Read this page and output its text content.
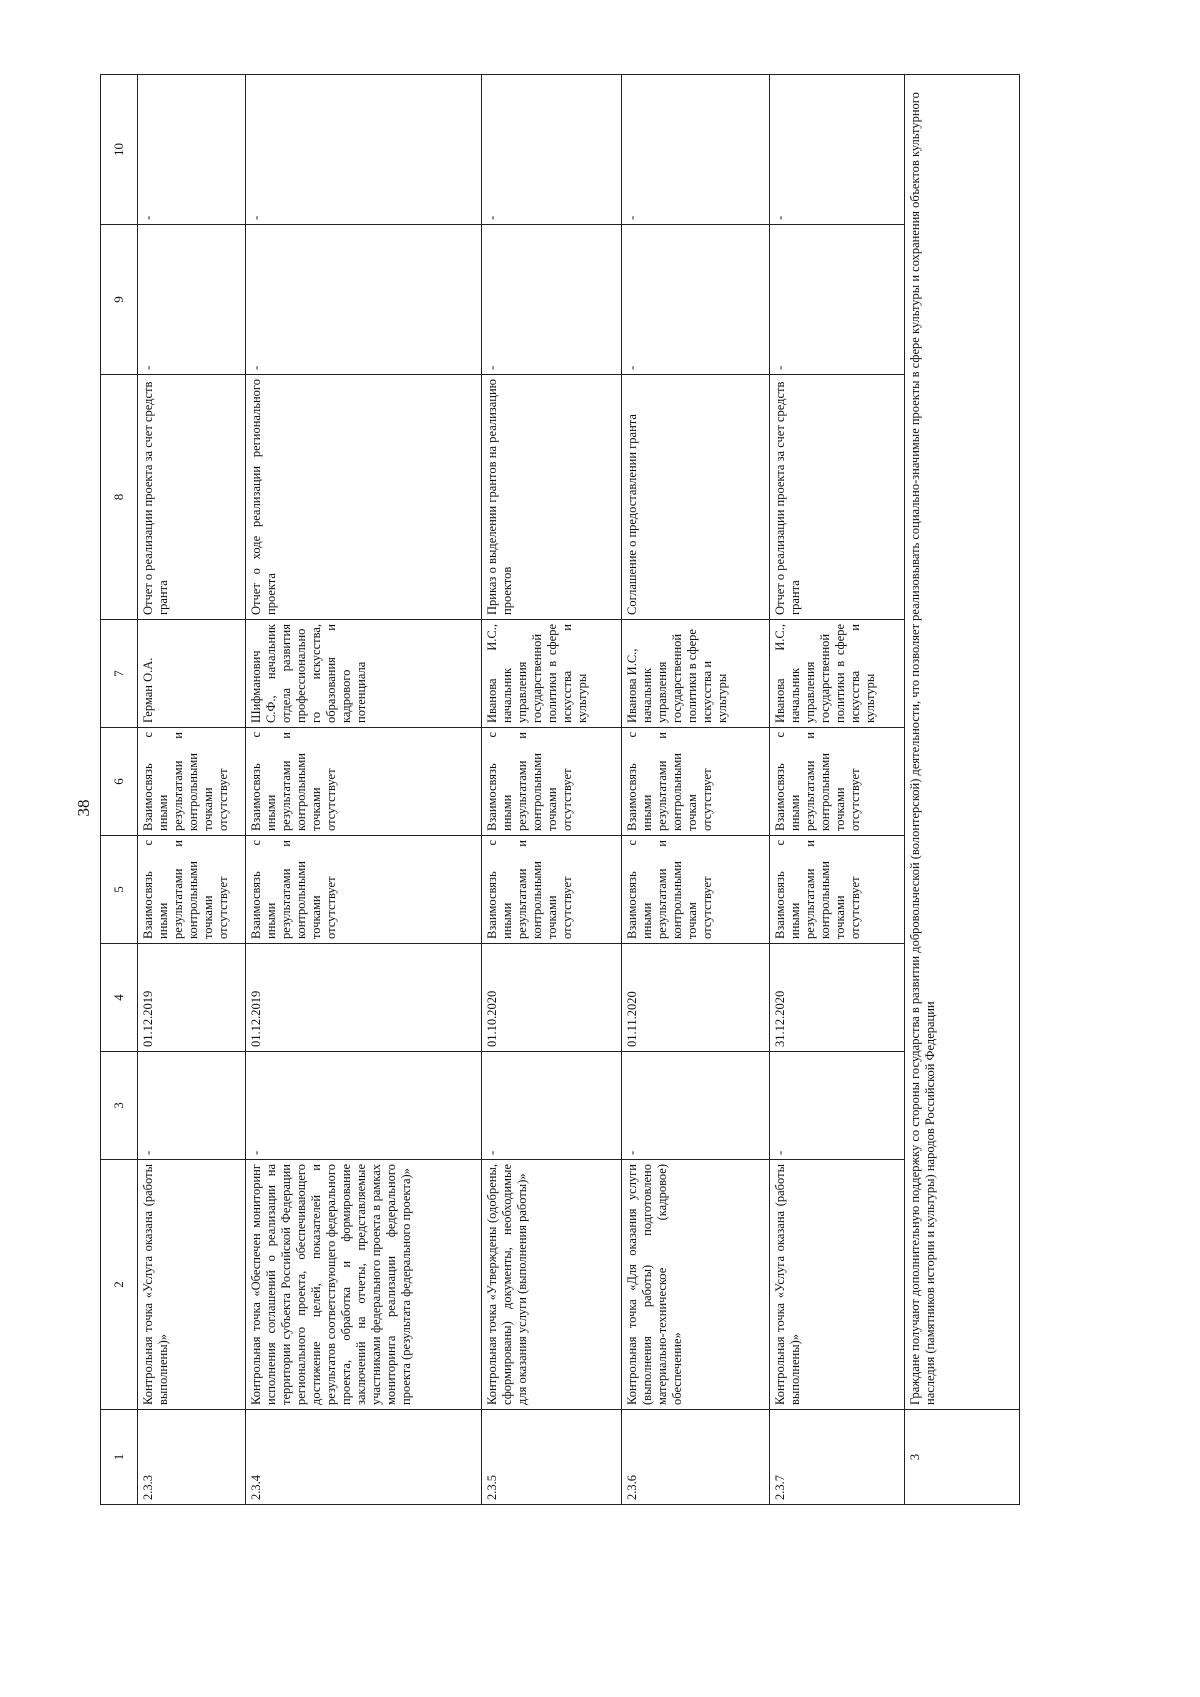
38
1	2	3	4	5	6	7	8	9	10
2.3.3	Контрольная точка «Услуга оказана (работы выполнены)»	-	01.12.2019	Взаимосвязь с иными результатами и контрольными точками отсутствует	Взаимосвязь с иными результатами и контрольными точками отсутствует	Герман О.А.	Отчет о реализации проекта за счет средств гранта	-	-
2.3.4	Контрольная точка «Обеспечен мониторинг исполнения соглашений о реализации на территории субъекта Российской Федерации регионального проекта, обеспечивающего достижение целей, показателей и результатов соответствующего федерального проекта, обработка и формирование заключений на отчеты, представляемые участниками федерального проекта в рамках мониторинга реализации федерального проекта (результата федерального проекта)»	-	01.12.2019	Взаимосвязь с иными результатами и контрольными точками отсутствует	Взаимосвязь с иными результатами и контрольными точками отсутствует	Шифманович С.Ф., начальник отдела развития профессионального искусства, образования и кадрового потенциала	Отчет о ходе реализации регионального проекта	-	-
2.3.5	Контрольная точка «Утверждены (одобрены, сформированы) документы, необходимые для оказания услуги (выполнения работы)»	-	01.10.2020	Взаимосвязь с иными результатами и контрольными точками отсутствует	Взаимосвязь с иными результатами и контрольными точками отсутствует	Иванова И.С., начальник управления государственной политики в сфере искусства и культуры	Приказ о выделении грантов на реализацию проектов	-	-
2.3.6	Контрольная точка «Для оказания услуги (выполнения работы) подготовлено материально-техническое (кадровое) обеспечение»	-	01.11.2020	Взаимосвязь с иными результатами и контрольными точкам отсутствует	Взаимосвязь с иными результатами и контрольными точкам отсутствует	Иванова И.С., начальник управления государственной политики в сфере искусства и культуры	Соглашение о предоставлении гранта	-	-
2.3.7	Контрольная точка «Услуга оказана (работы выполнены)»	-	31.12.2020	Взаимосвязь с иными результатами и контрольными точками отсутствует	Взаимосвязь с иными результатами и контрольными точками отсутствует	Иванова И.С., начальник управления государственной политики в сфере искусства и культуры	Отчет о реализации проекта за счет средств гранта	-	-
3	Граждане получают дополнительную поддержку со стороны государства в развитии добровольческой (волонтерской) деятельности, что позволяет реализовывать социально-значимые проекты в сфере культуры и сохранения объектов культурного наследия (памятников истории и культуры) народов Российской Федерации								
